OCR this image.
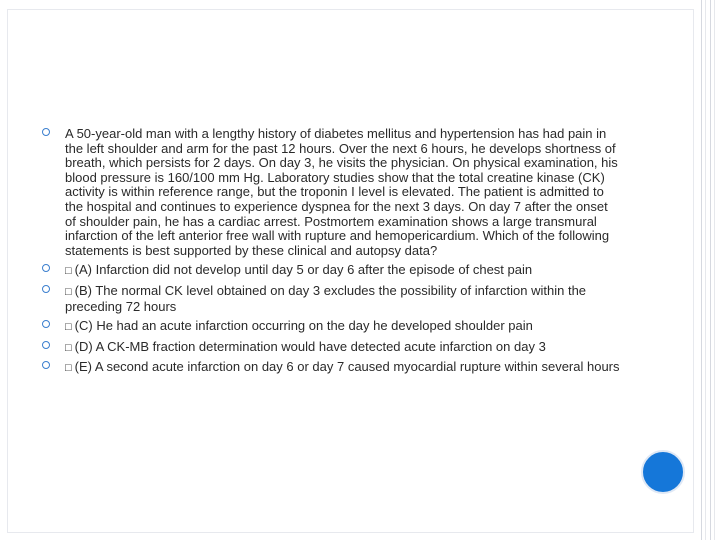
A 50-year-old man with a lengthy history of diabetes mellitus and hypertension has had pain in the left shoulder and arm for the past 12 hours. Over the next 6 hours, he develops shortness of breath, which persists for 2 days. On day 3, he visits the physician. On physical examination, his blood pressure is 160/100 mm Hg. Laboratory studies show that the total creatine kinase (CK) activity is within reference range, but the troponin I level is elevated. The patient is admitted to the hospital and continues to experience dyspnea for the next 3 days. On day 7 after the onset of shoulder pain, he has a cardiac arrest. Postmortem examination shows a large transmural infarction of the left anterior free wall with rupture and hemopericardium. Which of the following statements is best supported by these clinical and autopsy data?
□ (A) Infarction did not develop until day 5 or day 6 after the episode of chest pain
□ (B) The normal CK level obtained on day 3 excludes the possibility of infarction within the preceding 72 hours
□ (C) He had an acute infarction occurring on the day he developed shoulder pain
□ (D) A CK-MB fraction determination would have detected acute infarction on day 3
□ (E) A second acute infarction on day 6 or day 7 caused myocardial rupture within several hours
